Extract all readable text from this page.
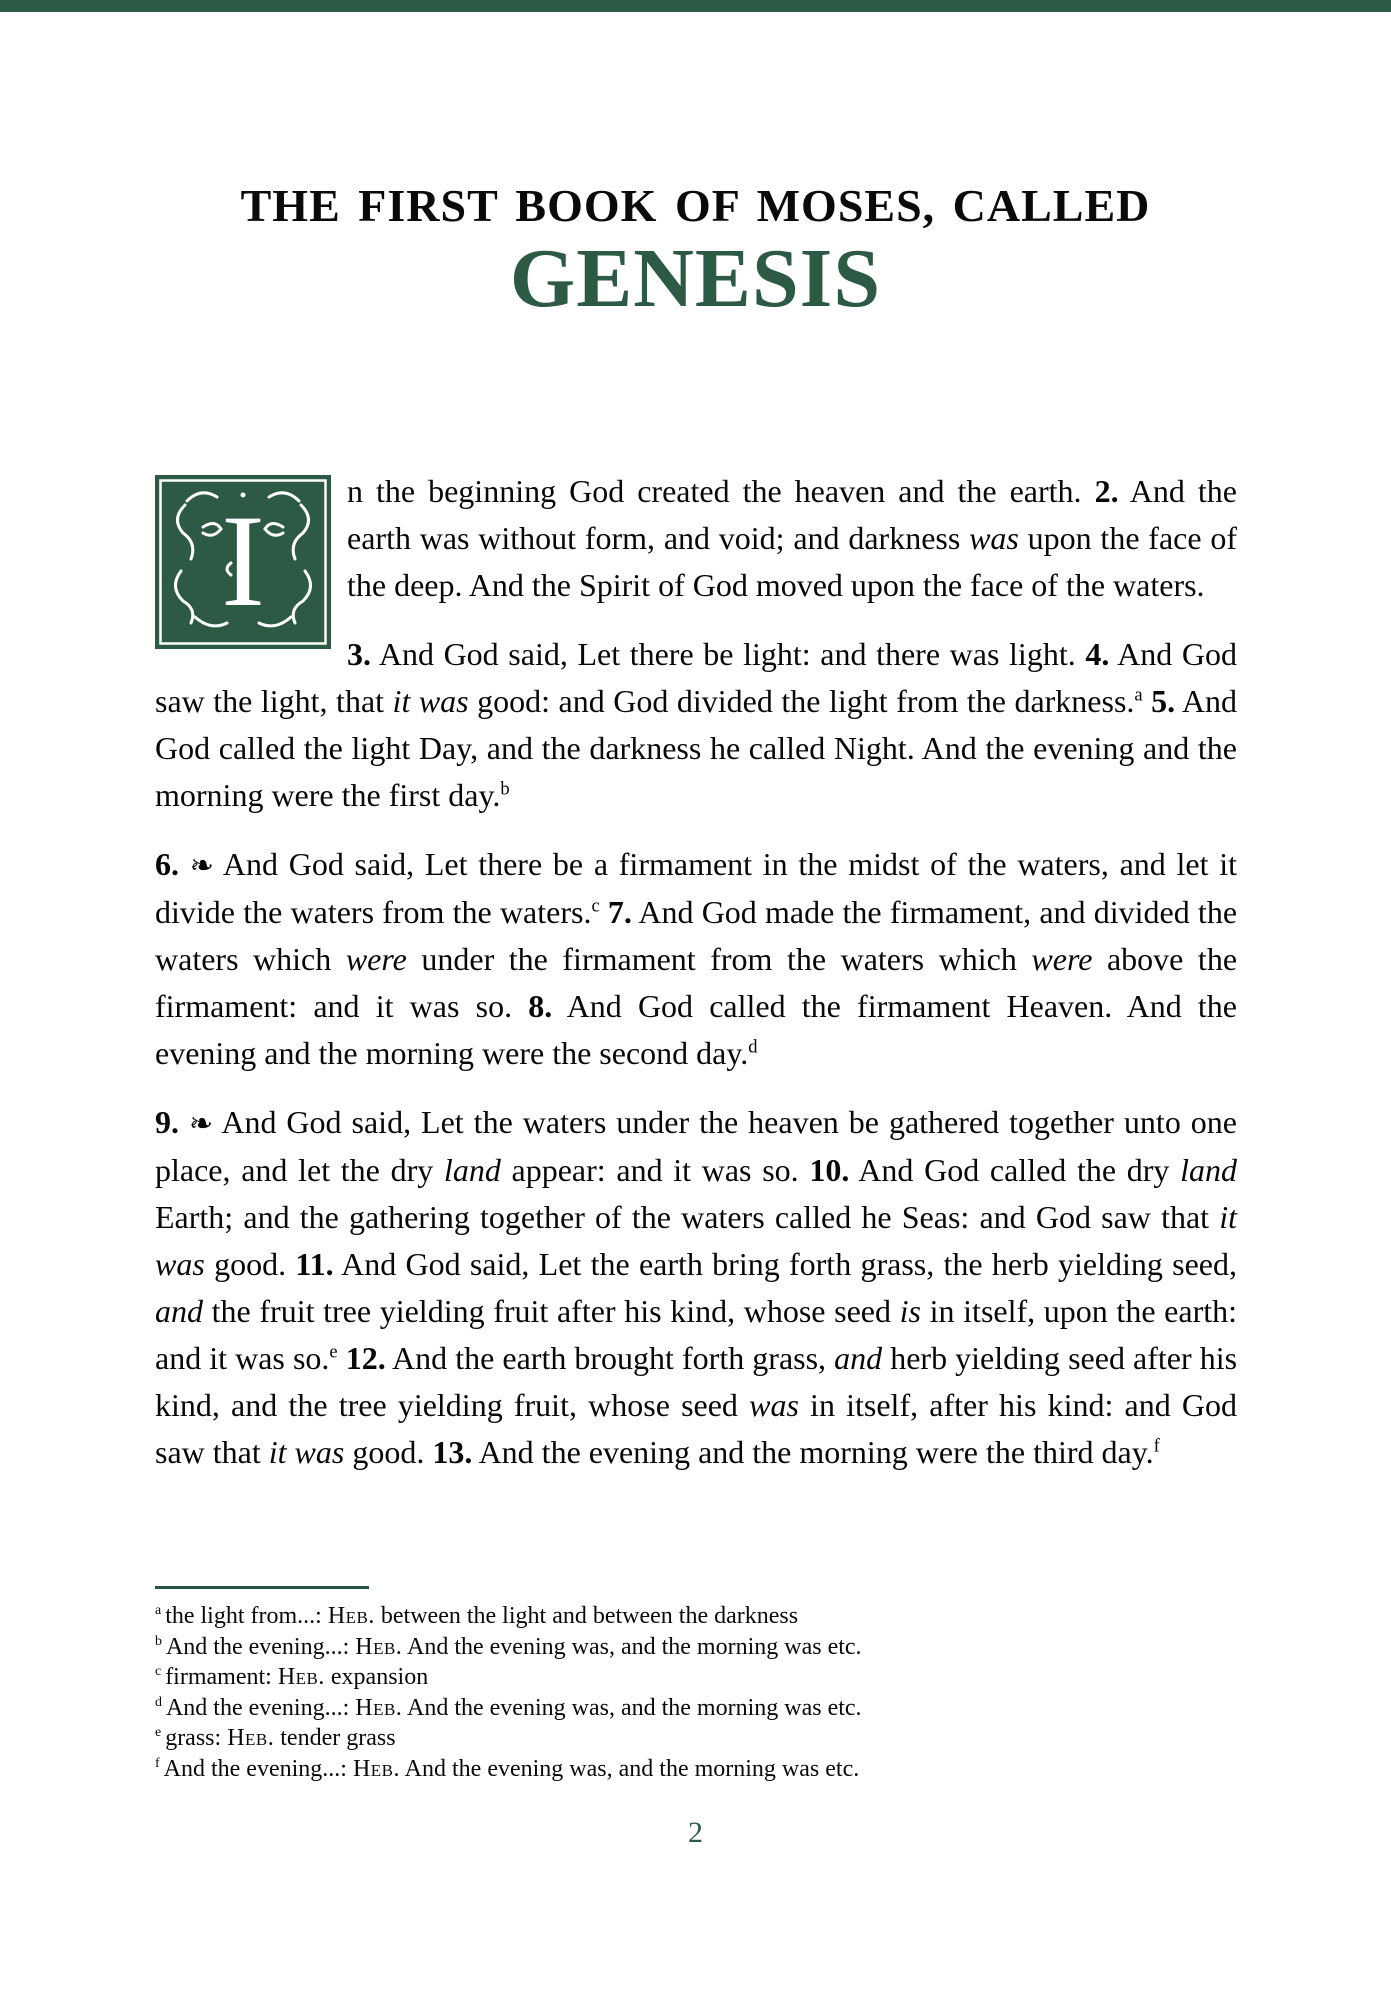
THE FIRST BOOK OF MOSES, CALLED
GENESIS

I	n the beginning God created the heaven and the earth. 2. And the earth was without form, and void; and darkness was upon the face of the deep. And the Spirit of God moved upon the face of the waters.

3. And God said, Let there be light: and there was light. 4. And God saw the light, that it was good: and God divided the light from the darkness.$^a$ 5. And God called the light Day, and the darkness he called Night. And the evening and the morning were the first day.$^b$

6. ❧ And God said, Let there be a firmament in the midst of the waters, and let it divide the waters from the waters.$^c$ 7. And God made the firmament, and divided the waters which were under the firmament from the waters which were above the firmament: and it was so. 8. And God called the firmament Heaven. And the evening and the morning were the second day.$^d$

9. ❧ And God said, Let the waters under the heaven be gathered together unto one place, and let the dry land appear: and it was so. 10. And God called the dry land Earth; and the gathering together of the waters called he Seas: and God saw that it was good. 11. And God said, Let the earth bring forth grass, the herb yielding seed, and the fruit tree yielding fruit after his kind, whose seed is in itself, upon the earth: and it was so.$^e$ 12. And the earth brought forth grass, and herb yielding seed after his kind, and the tree yielding fruit, whose seed was in itself, after his kind: and God saw that it was good. 13. And the evening and the morning were the third day.$^f$

$^a$ the light from...: Heb. between the light and between the darkness
$^b$ And the evening...: Heb. And the evening was, and the morning was etc.
$^c$ firmament: Heb. expansion
$^d$ And the evening...: Heb. And the evening was, and the morning was etc.
$^e$ grass: Heb. tender grass
$^f$ And the evening...: Heb. And the evening was, and the morning was etc.
2
